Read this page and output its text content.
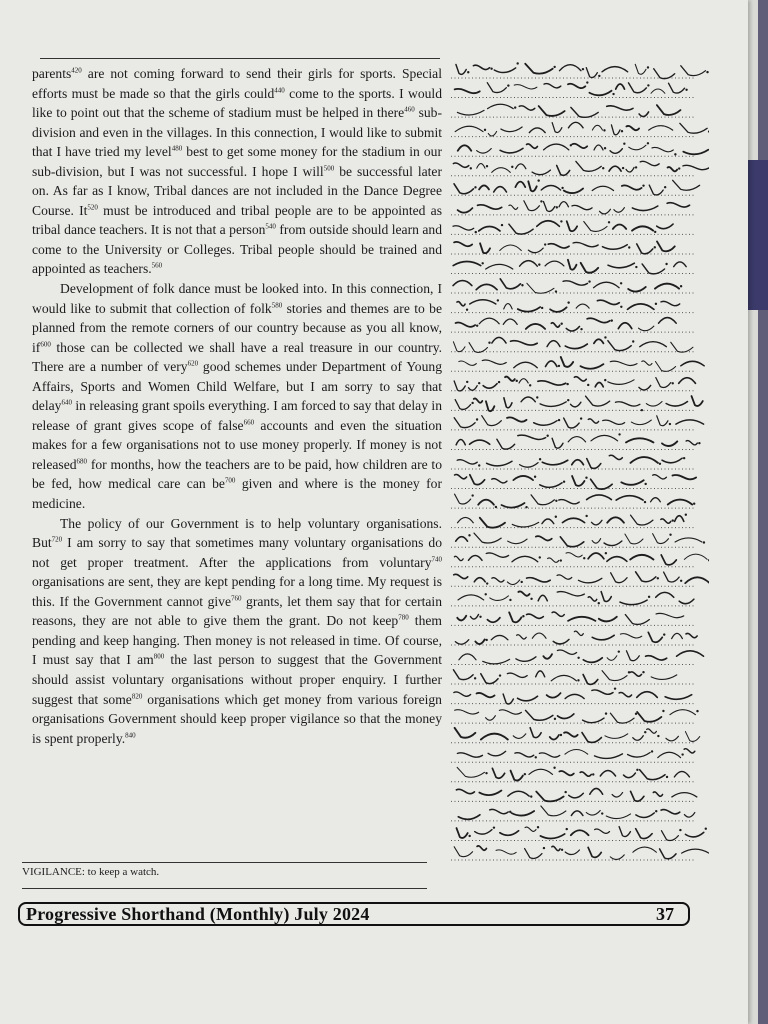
parents$^{420}$ are not coming forward to send their girls for sports. Special efforts must be made so that the girls could$^{440}$ come to the sports. I would like to point out that the scheme of stadium must be helped in there$^{460}$ sub-division and even in the villages. In this connection, I would like to submit that I have tried my level$^{480}$ best to get some money for the stadium in our sub-division, but I was not successful. I hope I will$^{500}$ be successful later on. As far as I know, Tribal dances are not included in the Dance Degree Course. It$^{520}$ must be introduced and tribal people are to be appointed as tribal dance teachers. It is not that a person$^{540}$ from outside should learn and come to the University or Colleges. Tribal people should be trained and appointed as teachers.$^{560}$

Development of folk dance must be looked into. In this connection, I would like to submit that collection of folk$^{580}$ stories and themes are to be planned from the remote corners of our country because as you all know, $if^{600}$ those can be collected we shall have a real treasure in our country. There are a number of very$^{620}$ good schemes under Department of Young Affairs, Sports and Women Child Welfare, but I am sorry to say that delay$^{640}$ in releasing grant spoils everything. I am forced to say that delay in release of grant gives scope of false$^{660}$ accounts and even the situation makes for a few organisations not to use money properly. If money is not released$^{680}$ for months, how the teachers are to be paid, how children are to be fed, how medical care can $be^{700}$ given and where is the money for medicine.

The policy of our Government is to help voluntary organisations. But$^{720}$ I am sorry to say that sometimes many voluntary organisations do not get proper treatment. After the applications from voluntary$^{740}$ organisations are sent, they are kept pending for a long time. My request is this. If the Government cannot give$^{760}$ grants, let them say that for certain reasons, they are not able to give them the grant. Do not keep$^{780}$ them pending and keep hanging. Then money is not released in time. Of course, I must say that I $am^{800}$ the last person to suggest that the Government should assist voluntary organisations without proper enquiry. I further suggest that some$^{820}$ organisations which get money from various foreign organisations Government should keep proper vigilance so that the money is spent properly.$^{840}$

VIGILANCE: to keep a watch.
Progressive Shorthand (Monthly) July 2024	37
